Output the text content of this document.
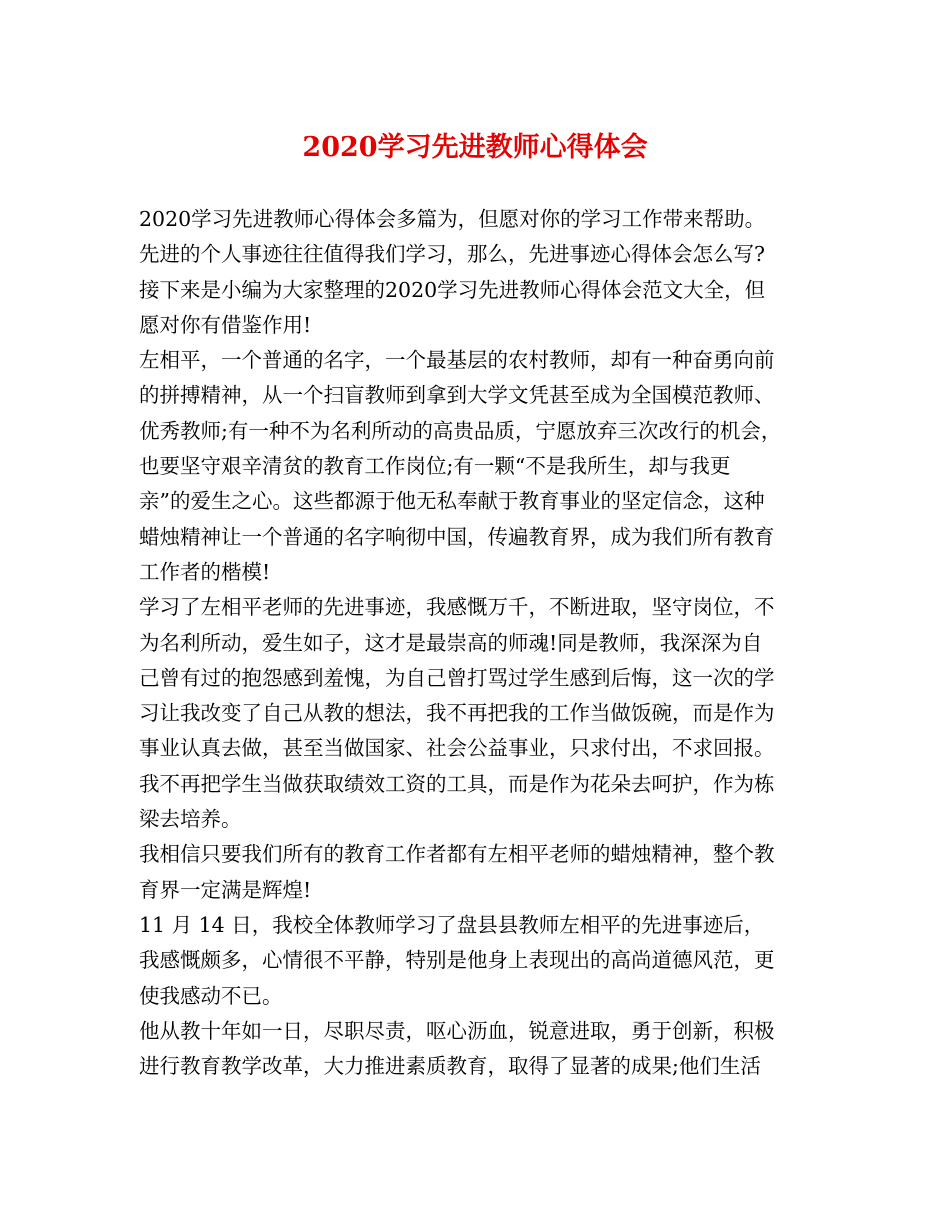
2020学习先进教师心得体会
2020学习先进教师心得体会多篇为，但愿对你的学习工作带来帮助。
先进的个人事迹往往值得我们学习，那么，先进事迹心得体会怎么写?
接下来是小编为大家整理的2020学习先进教师心得体会范文大全，但
愿对你有借鉴作用!
左相平，一个普通的名字，一个最基层的农村教师，却有一种奋勇向前
的拼搏精神，从一个扫盲教师到拿到大学文凭甚至成为全国模范教师、
优秀教师;有一种不为名利所动的高贵品质，宁愿放弃三次改行的机会，
也要坚守艰辛清贫的教育工作岗位;有一颗“不是我所生，却与我更
亲”的爱生之心。这些都源于他无私奉献于教育事业的坚定信念，这种
蜡烛精神让一个普通的名字响彻中国，传遍教育界，成为我们所有教育
工作者的楷模!
学习了左相平老师的先进事迹，我感慨万千，不断进取，坚守岗位，不
为名利所动，爱生如子，这才是最崇高的师魂!同是教师，我深深为自
己曾有过的抱怨感到羞愧，为自己曾打骂过学生感到后悔，这一次的学
习让我改变了自己从教的想法，我不再把我的工作当做饭碗，而是作为
事业认真去做，甚至当做国家、社会公益事业，只求付出，不求回报。
我不再把学生当做获取绩效工资的工具，而是作为花朵去呵护，作为栋
梁去培养。
我相信只要我们所有的教育工作者都有左相平老师的蜡烛精神，整个教
育界一定满是辉煌!
11 月 14 日，我校全体教师学习了盘县县教师左相平的先进事迹后，
我感慨颇多，心情很不平静，特别是他身上表现出的高尚道德风范，更
使我感动不已。
他从教十年如一日，尽职尽责，呕心沥血，锐意进取，勇于创新，积极
进行教育教学改革，大力推进素质教育，取得了显著的成果;他们生活
